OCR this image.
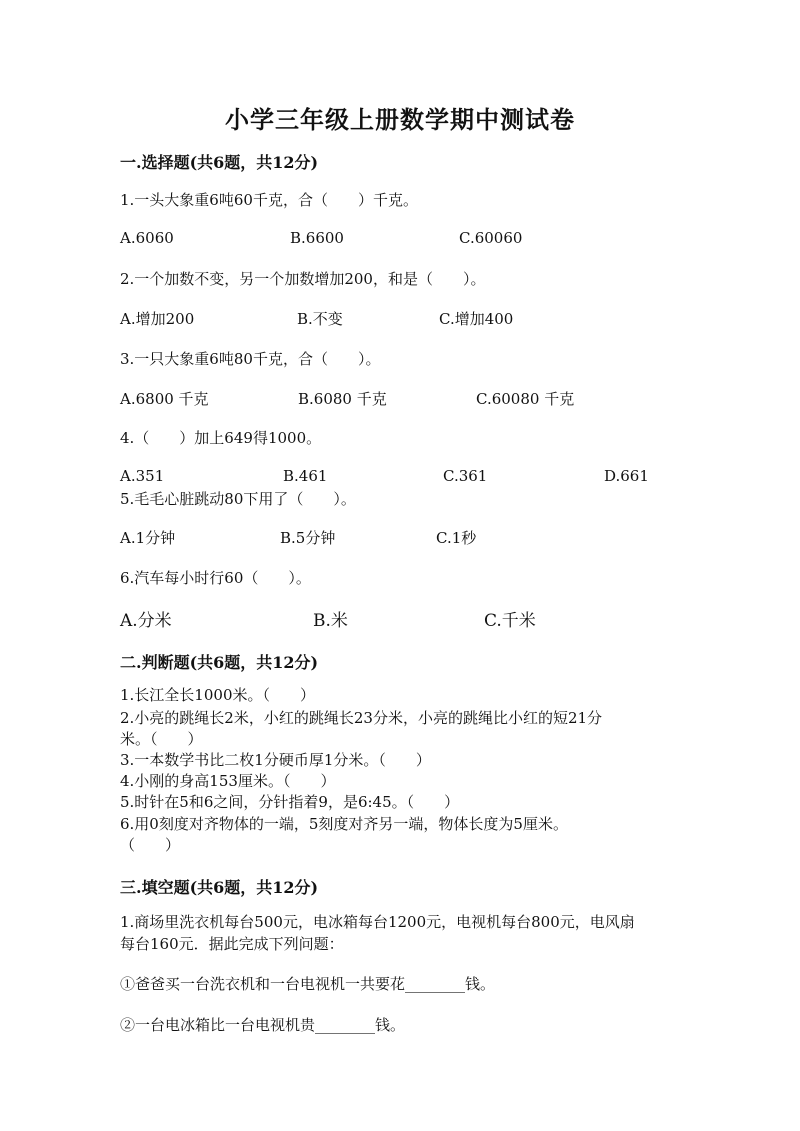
小学三年级上册数学期中测试卷
一.选择题(共6题，共12分)
1.一头大象重6吨60千克，合（　　）千克。
A.6060	B.6600	C.60060
2.一个加数不变，另一个加数增加200，和是（　　）。
A.增加200	B.不变	C.增加400
3.一只大象重6吨80千克，合（　　）。
A.6800 千克	B.6080 千克	C.60080 千克
4.（　　）加上649得1000。
A.351	B.461	C.361	D.661
5.毛毛心脏跳动80下用了（　　）。
A.1分钟	B.5分钟	C.1秒
6.汽车每小时行60（　　）。
A.分米	B.米	C.千米
二.判断题(共6题，共12分)
1.长江全长1000米。（　　）
2.小亮的跳绳长2米，小红的跳绳长23分米，小亮的跳绳比小红的短21分
米。（　　）
3.一本数学书比二枚1分硬币厚1分米。（　　）
4.小刚的身高153厘米。（　　）
5.时针在5和6之间，分针指着9，是6:45。（　　）
6.用0刻度对齐物体的一端，5刻度对齐另一端，物体长度为5厘米。
（　　）
三.填空题(共6题，共12分)
1.商场里洗衣机每台500元，电冰箱每台1200元，电视机每台800元，电风扇
每台160元．据此完成下列问题：
①爸爸买一台洗衣机和一台电视机一共要花________钱。
②一台电冰箱比一台电视机贵________钱。
